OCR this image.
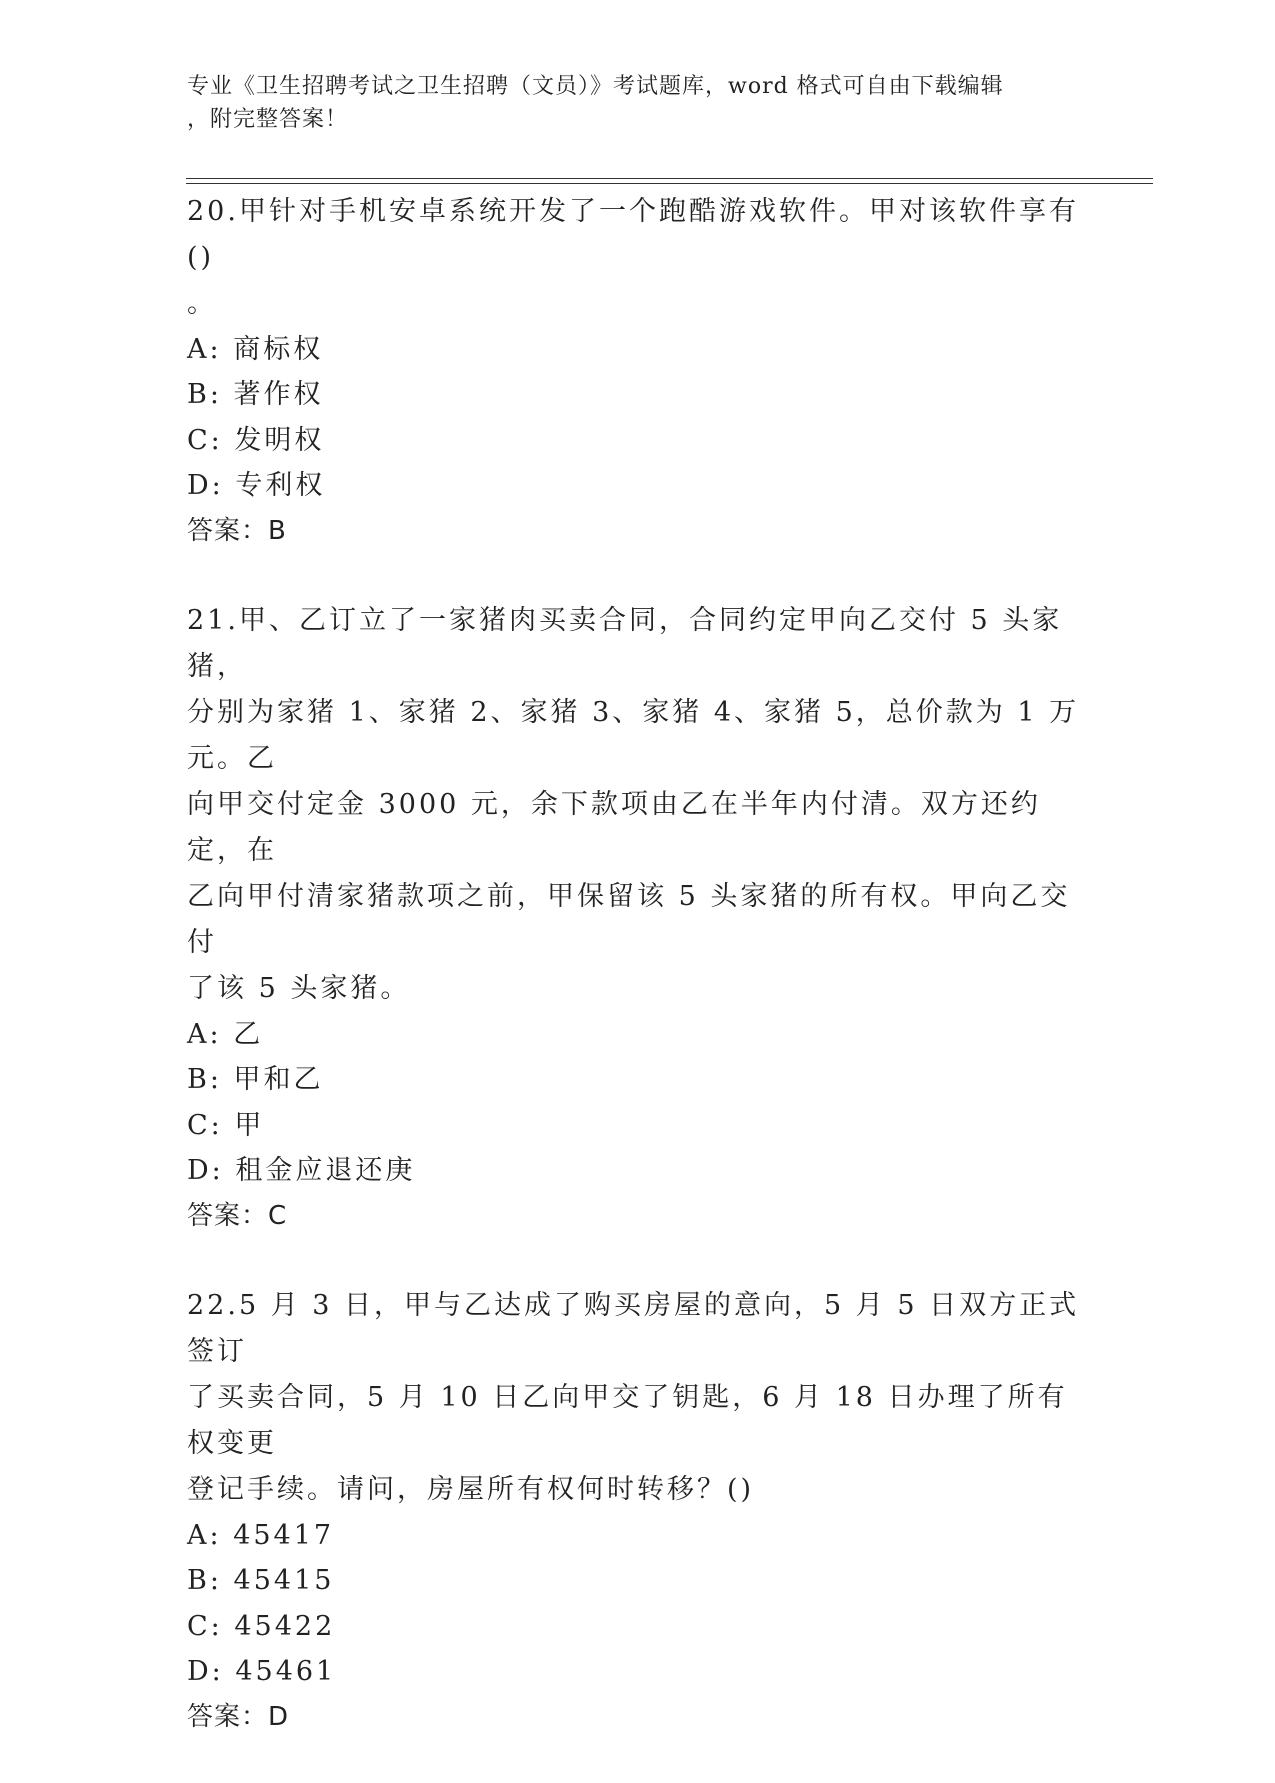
专业《卫生招聘考试之卫生招聘（文员）》考试题库，word 格式可自由下载编辑
，附完整答案！

20.甲针对手机安卓系统开发了一个跑酷游戏软件。甲对该软件享有()

。

A: 商标权

B: 著作权

C: 发明权

D: 专利权

答案：B

21.甲、乙订立了一家猪肉买卖合同，合同约定甲向乙交付 5 头家猪，

分别为家猪 1、家猪 2、家猪 3、家猪 4、家猪 5，总价款为 1 万元。乙

向甲交付定金 3000 元，余下款项由乙在半年内付清。双方还约定，在

乙向甲付清家猪款项之前，甲保留该 5 头家猪的所有权。甲向乙交付

了该 5 头家猪。

A: 乙

B: 甲和乙

C: 甲

D: 租金应退还庚

答案：C

22.5 月 3 日，甲与乙达成了购买房屋的意向，5 月 5 日双方正式签订

了买卖合同，5 月 10 日乙向甲交了钥匙，6 月 18 日办理了所有权变更

登记手续。请问，房屋所有权何时转移？()

A: 45417

B: 45415

C: 45422

D: 45461

答案：D
